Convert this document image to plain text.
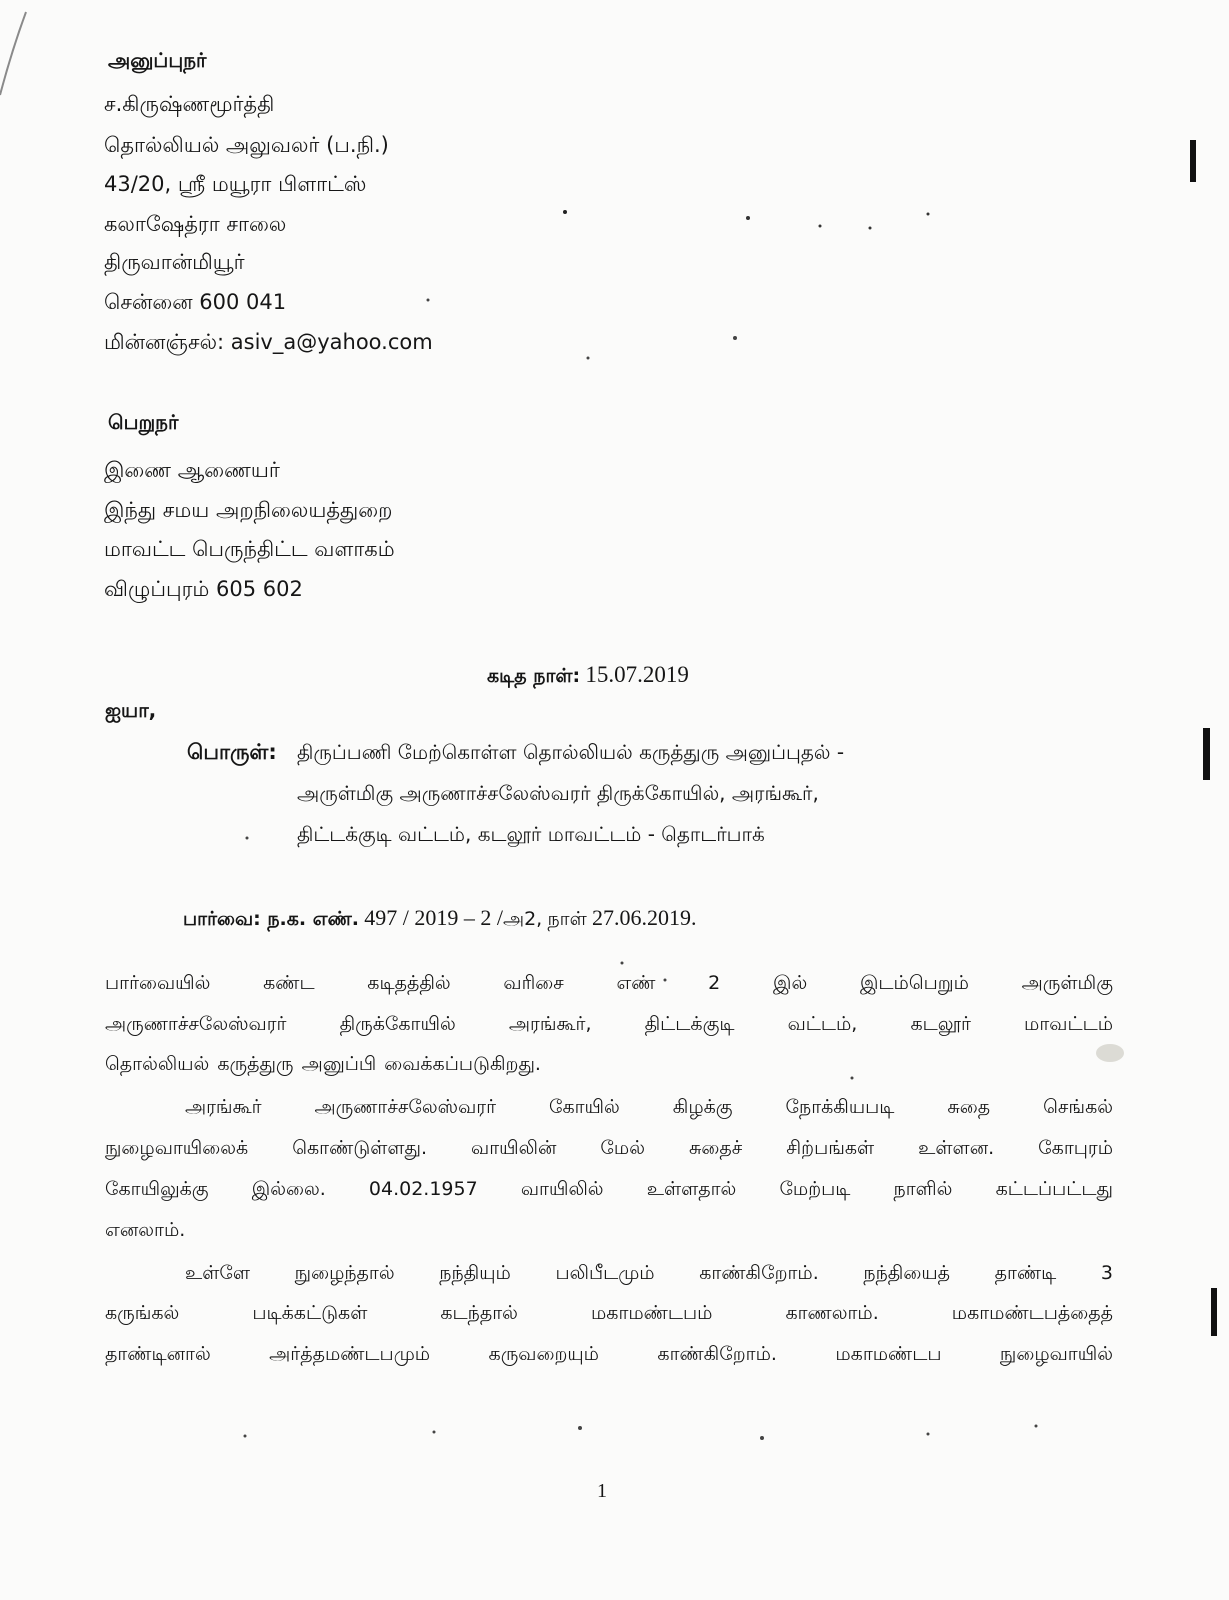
அனுப்புநர்
ச.கிருஷ்ணமூர்த்தி
தொல்லியல் அலுவலர் (ப.நி.)
43/20, ஸ்ரீ மயூரா பிளாட்ஸ்
கலாஷேத்ரா சாலை
திருவான்மியூர்
சென்னை 600 041
மின்னஞ்சல்: asiv_a@yahoo.com
பெறுநர்
இணை ஆணையர்
இந்து சமய அறநிலையத்துறை
மாவட்ட பெருந்திட்ட வளாகம்
விழுப்புரம் 605 602
கடித நாள்: 15.07.2019
ஐயா,
பொருள்: திருப்பணி மேற்கொள்ள தொல்லியல் கருத்துரு அனுப்புதல் -
அருள்மிகு அருணாச்சலேஸ்வரர் திருக்கோயில், அரங்கூர்,
திட்டக்குடி வட்டம், கடலூர் மாவட்டம் - தொடர்பாக்
பார்வை: ந.க. எண். 497 / 2019 – 2 /அ2, நாள் 27.06.2019.
பார்வையில் கண்ட கடிதத்தில் வரிசை எண் 2 இல் இடம்பெறும் அருள்மிகு
அருணாச்சலேஸ்வரர் திருக்கோயில் அரங்கூர், திட்டக்குடி வட்டம், கடலூர் மாவட்டம்
தொல்லியல் கருத்துரு அனுப்பி வைக்கப்படுகிறது.
அரங்கூர் அருணாச்சலேஸ்வரர் கோயில் கிழக்கு நோக்கியபடி சுதை செங்கல்
நுழைவாயிலைக் கொண்டுள்ளது. வாயிலின் மேல் சுதைச் சிற்பங்கள் உள்ளன. கோபுரம்
கோயிலுக்கு இல்லை. 04.02.1957 வாயிலில் உள்ளதால் மேற்படி நாளில் கட்டப்பட்டது
எனலாம்.
உள்ளே நுழைந்தால் நந்தியும் பலிபீடமும் காண்கிறோம். நந்தியைத் தாண்டி 3
கருங்கல் படிக்கட்டுகள் கடந்தால் மகாமண்டபம் காணலாம். மகாமண்டபத்தைத்
தாண்டினால் அர்த்தமண்டபமும் கருவறையும் காண்கிறோம். மகாமண்டப நுழைவாயில்
1
